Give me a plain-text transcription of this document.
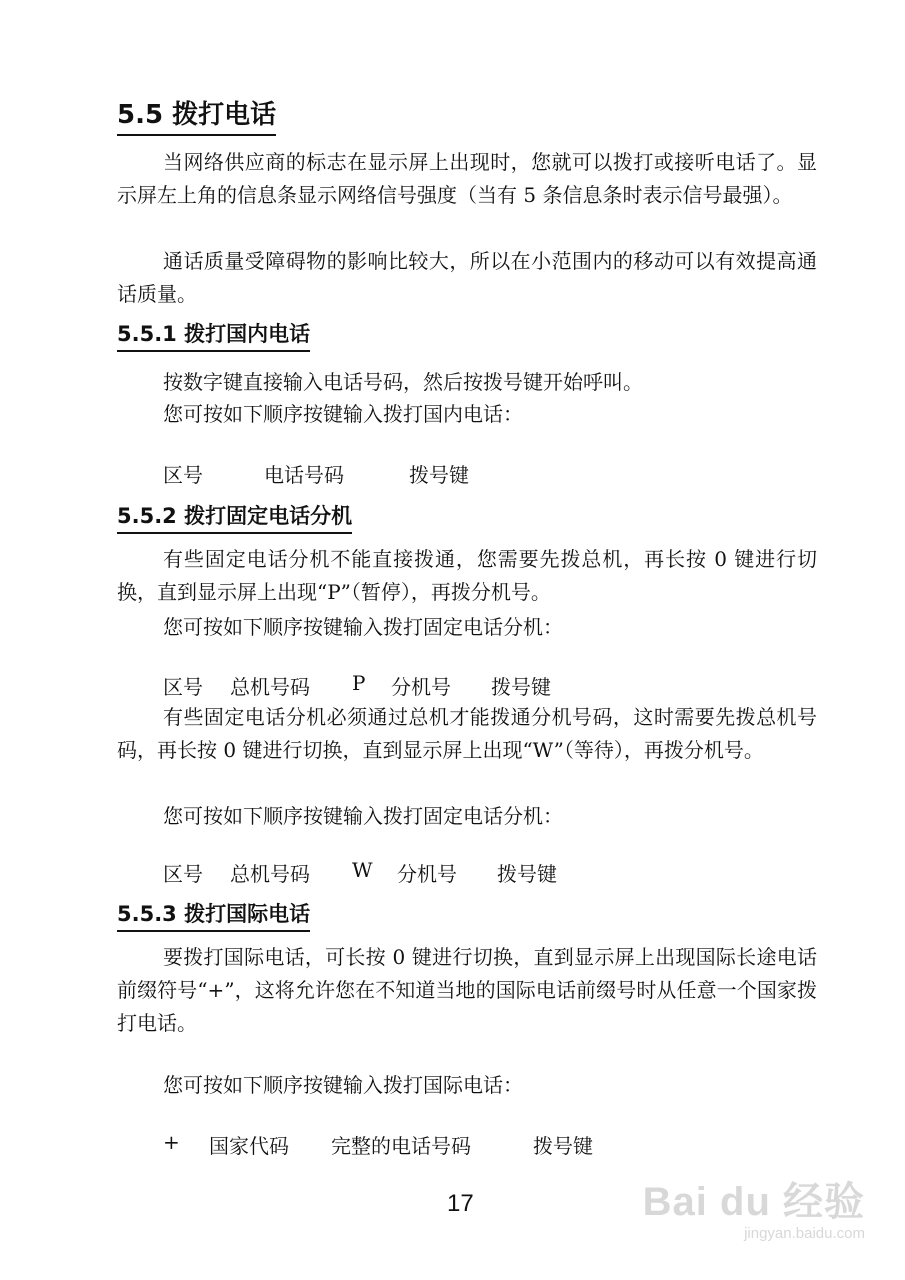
5.5 拨打电话
当网络供应商的标志在显示屏上出现时，您就可以拨打或接听电话了。显示屏左上角的信息条显示网络信号强度（当有 5 条信息条时表示信号最强）。
通话质量受障碍物的影响比较大，所以在小范围内的移动可以有效提高通话质量。
5.5.1 拨打国内电话
按数字键直接输入电话号码，然后按拨号键开始呼叫。
您可按如下顺序按键输入拨打国内电话：
区号	电话号码	拨号键
5.5.2 拨打固定电话分机
有些固定电话分机不能直接拨通，您需要先拨总机，再长按 0 键进行切换，直到显示屏上出现“P”（暂停），再拨分机号。
您可按如下顺序按键输入拨打固定电话分机：
区号 总机号码 P 分机号 拨号键
有些固定电话分机必须通过总机才能拨通分机号码，这时需要先拨总机号码，再长按 0 键进行切换，直到显示屏上出现“W”（等待），再拨分机号。
您可按如下顺序按键输入拨打固定电话分机：
区号 总机号码 W 分机号 拨号键
5.5.3 拨打国际电话
要拨打国际电话，可长按 0 键进行切换，直到显示屏上出现国际长途电话前缀符号“+”，这将允许您在不知道当地的国际电话前缀号时从任意一个国家拨打电话。
您可按如下顺序按键输入拨打国际电话：
+ 国家代码 完整的电话号码	拨号键
17	Bai du 经验
jingyan.baidu.com
